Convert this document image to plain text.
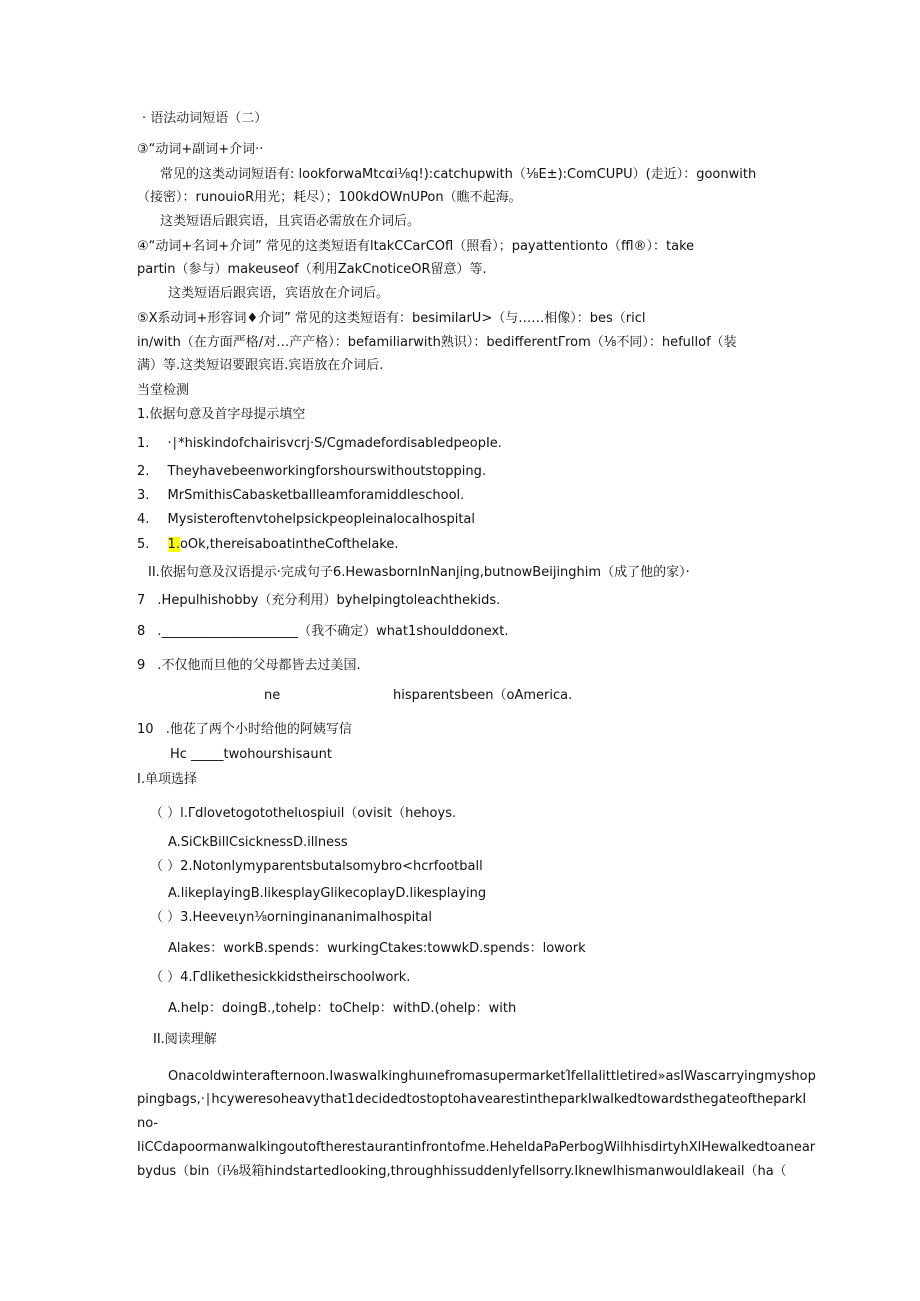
· 语法动词短语（二）
③“动词+副词+介词··
常见的这类动词短语有: lookforwaMtcαi⅛q!):catchupwith（⅛E±):ComCUPU）(走近）：goonwith
（接密）：runouioR用光；耗尽）；100kdOWnUPon（瞧不起海。
这类短语后跟宾语，且宾语必需放在介词后。
④“动词+名词+介词” 常见的这类短语有ltakCCarCOfl（照看）；payattentionto（ffl®）：take
partin（参与）makeuseof（利用ZakCnoticeOR留意）等.
这类短语后跟宾语，宾语放在介词后。
⑤X系动词+形容词♦介词” 常见的这类短语有：besimilarU>（与……相像）：bes（ricl
in∕with（在方面严格/对…产产格）：befamiliarwith熟识）：bedifferentΓrom（⅛不同）：hefullof（装
满）等.这类短诏要跟宾语.宾语放在介词后.
当堂检测
1.依据句意及首字母提示填空
1. ·∣*hiskindofchairisvcrj·S/CgmadefordisabIedpeopIe.
2. Theyhavebeenworkingforshourswithoutstopping.
3. MrSmithisCabasketballleamforamiddleschool.
4. Mysisteroftenvtohelpsickpeopleinalocalhospital
5. 1.oOk,thereisaboatintheCofthelake.
II.依据句意及汉语提示·完成句子6.HewasbornInNanjing,butnowBeijinghim（成了他的家）·
7 .Hepulhishobby（充分利用）byhelpingtoleachthekids.
8 ._____________________（我不确定）what1shoulddonext.
9 .不仅他而旦他的父母都皆去过美国.
ne	hisparentsbeen（oAmerica.
10 .他花了两个小时给他的阿姨写信
Hc _____twohourshisaunt
I.单项选择
（ ）l.Γdlovetogotothelιospiuil（ovisit（hehoys.
A.SiCkBillCsicknessD.illness
（ ）2.Notonlymyparentsbutalsomybro<hcrfootball
A.likeplayingB.likesplayGlikecoplayD.likesplaying
（ ）3.Heeveιyn⅛orninginananimalhospital
Alakes：workB.spends：wurkingCtakes:towwkD.spends：lowork
（ ）4.Γdlikethesickkidstheirschoolwork.
A.help：doingB.,tohelp：toChelp：withD.(ohelp：with
II.阅读理解
Onacoldwinterafternoon.IwaswalkinghuınefromasupermarketΊfellalittletired»asIWascarryingmyshop
pingbags,·∣hcyweresoheavythat1decidedtostoptohavearestintheparkIwalkedtowardsthegateoftheparkI
no-
IiCCdapoormanwalkingoutoftherestaurantinfrontofme.HeheldaPaPerbogWilhhisdirtyhXlHewalkedtoanear
bydus（bin（i⅛圾箱hindstartedlooking,throughhissuddenlyfellsorry.IknewIhismanwouldlakeail（ha（
